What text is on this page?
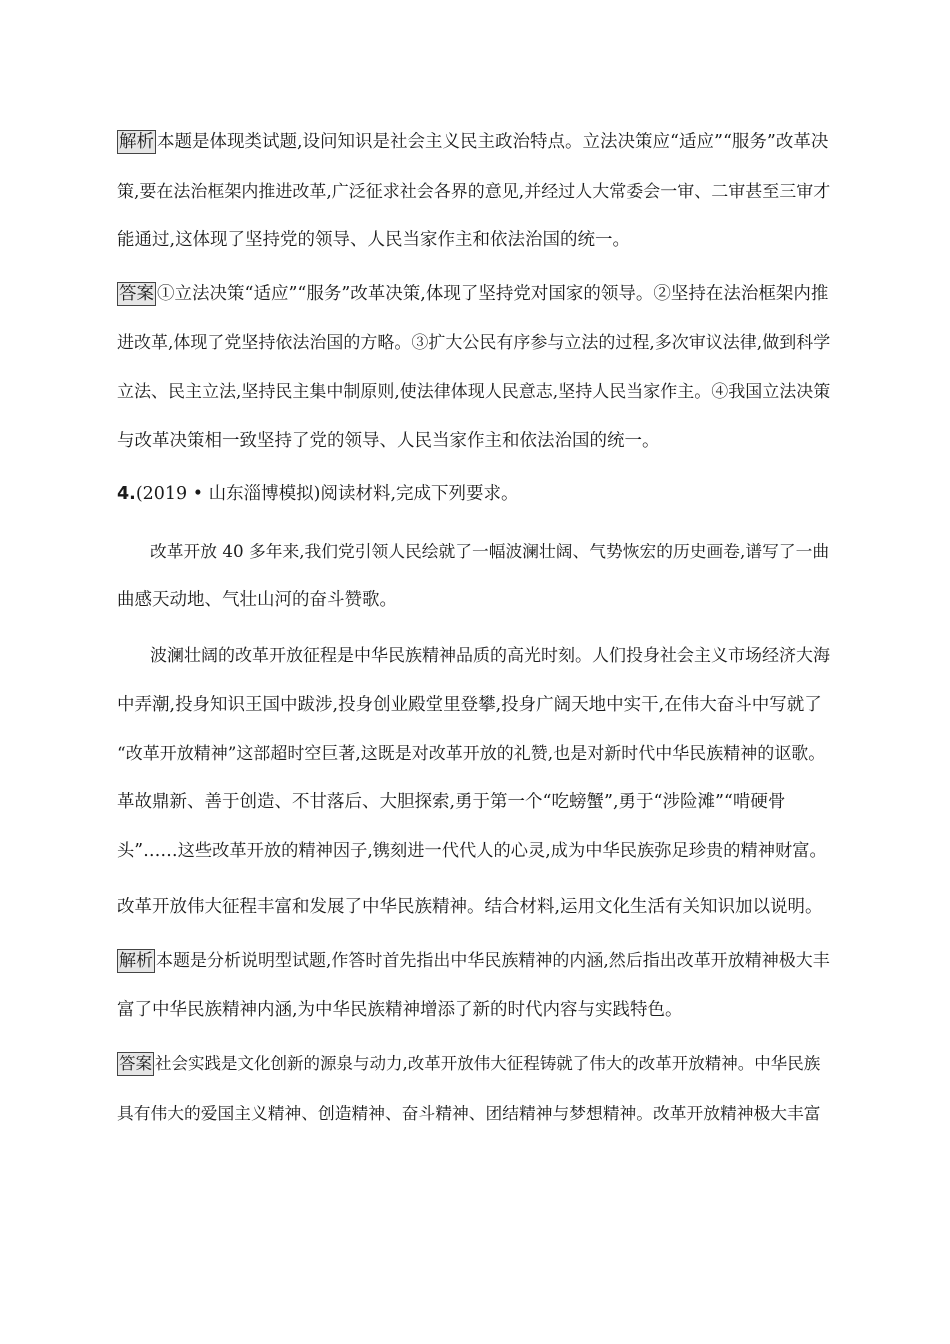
解析 本题是体现类试题,设问知识是社会主义民主政治特点。立法决策应“适应”“服务”改革决
策,要在法治框架内推进改革,广泛征求社会各界的意见,并经过人大常委会一审、二审甚至三审才
能通过,这体现了坚持党的领导、人民当家作主和依法治国的统一。
答案 ①立法决策“适应”“服务”改革决策,体现了坚持党对国家的领导。②坚持在法治框架内推
进改革,体现了党坚持依法治国的方略。③扩大公民有序参与立法的过程,多次审议法律,做到科学
立法、民主立法,坚持民主集中制原则,使法律体现人民意志,坚持人民当家作主。④我国立法决策
与改革决策相一致坚持了党的领导、人民当家作主和依法治国的统一。
4.(2019 • 山东淄博模拟)阅读材料,完成下列要求。
改革开放 40 多年来,我们党引领人民绘就了一幅波澜壮阔、气势恢宏的历史画卷,谱写了一曲
曲感天动地、气壮山河的奋斗赞歌。
波澜壮阔的改革开放征程是中华民族精神品质的高光时刻。人们投身社会主义市场经济大海
中弄潮,投身知识王国中跋涉,投身创业殿堂里登攀,投身广阔天地中实干,在伟大奋斗中写就了
“改革开放精神”这部超时空巨著,这既是对改革开放的礼赞,也是对新时代中华民族精神的讴歌。
革故鼎新、善于创造、不甘落后、大胆探索,勇于第一个“吃螃蟹”,勇于“涉险滩”“啃硬骨
头”……这些改革开放的精神因子,镌刻进一代代人的心灵,成为中华民族弥足珍贵的精神财富。
改革开放伟大征程丰富和发展了中华民族精神。结合材料,运用文化生活有关知识加以说明。
解析 本题是分析说明型试题,作答时首先指出中华民族精神的内涵,然后指出改革开放精神极大丰
富了中华民族精神内涵,为中华民族精神增添了新的时代内容与实践特色。
答案 社会实践是文化创新的源泉与动力,改革开放伟大征程铸就了伟大的改革开放精神。中华民族
具有伟大的爱国主义精神、创造精神、奋斗精神、团结精神与梦想精神。改革开放精神极大丰富
